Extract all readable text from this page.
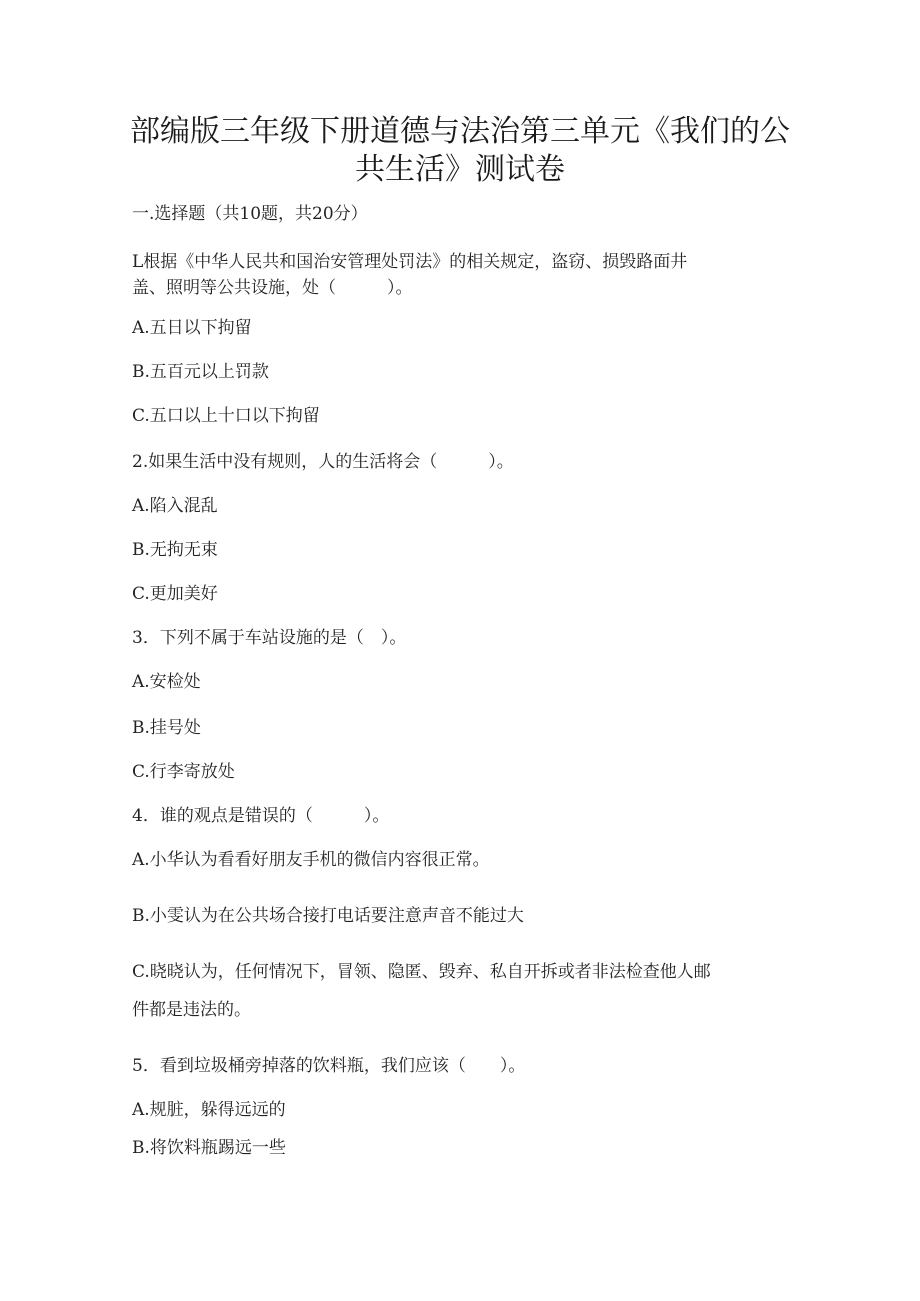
部编版三年级下册道德与法治第三单元《我们的公
共生活》测试卷
一.选择题（共10题，共20分）
L根据《中华人民共和国治安管理处罚法》的相关规定，盗窃、损毁路面井
盖、照明等公共设施，处（　　　）。
A.五日以下拘留
B.五百元以上罚款
C.五口以上十口以下拘留
2.如果生活中没有规则，人的生活将会（　　　）。
A.陷入混乱
B.无拘无束
C.更加美好
3．下列不属于车站设施的是（　）。
A.安检处
B.挂号处
C.行李寄放处
4．谁的观点是错误的（　　　）。
A.小华认为看看好朋友手机的微信内容很正常。
B.小雯认为在公共场合接打电话要注意声音不能过大
C.晓晓认为，任何情况下，冒领、隐匿、毁弃、私自开拆或者非法检查他人邮
件都是违法的。
5．看到垃圾桶旁掉落的饮料瓶，我们应该（　　）。
A.规脏，躲得远远的
B.将饮料瓶踢远一些
